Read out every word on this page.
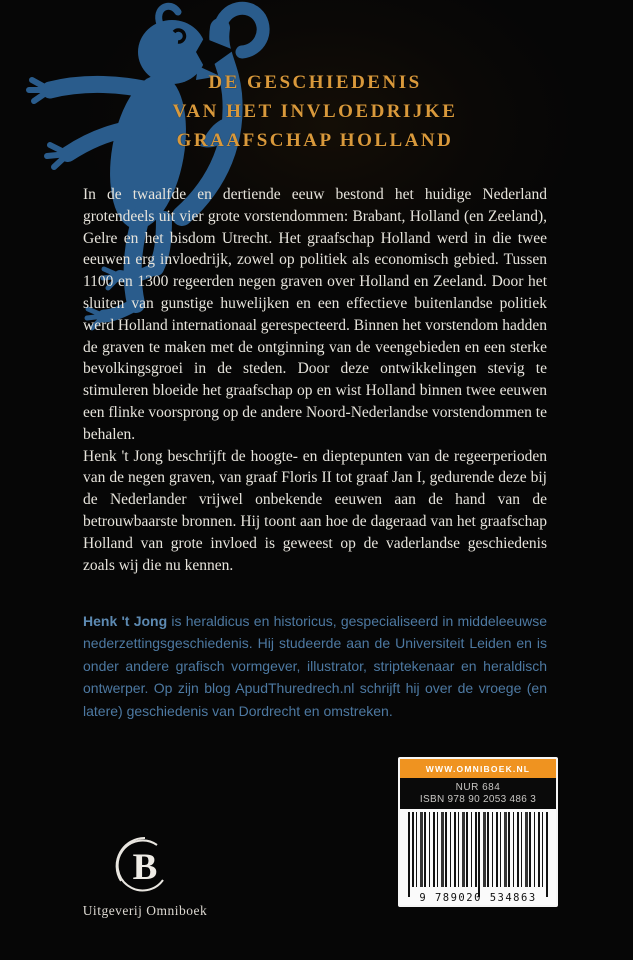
DE GESCHIEDENIS
VAN HET INVLOEDRIJKE
GRAAFSCHAP HOLLAND

In de twaalfde en dertiende eeuw bestond het huidige Nederland grotendeels uit vier grote vorstendommen: Brabant, Holland (en Zeeland), Gelre en het bisdom Utrecht. Het graafschap Holland werd in die twee eeuwen erg invloedrijk, zowel op politiek als economisch gebied. Tussen 1100 en 1300 regeerden negen graven over Holland en Zeeland. Door het sluiten van gunstige huwelijken en een effectieve buitenlandse politiek werd Holland internationaal gerespecteerd. Binnen het vorstendom hadden de graven te maken met de ontginning van de veengebieden en een sterke bevolkingsgroei in de steden. Door deze ontwikkelingen stevig te stimuleren bloeide het graafschap op en wist Holland binnen twee eeuwen een flinke voorsprong op de andere Noord-Nederlandse vorstendommen te behalen.

Henk 't Jong beschrijft de hoogte- en dieptepunten van de regeerperioden van de negen graven, van graaf Floris II tot graaf Jan I, gedurende deze bij de Nederlander vrijwel onbekende eeuwen aan de hand van de betrouwbaarste bronnen. Hij toont aan hoe de dageraad van het graafschap Holland van grote invloed is geweest op de vaderlandse geschiedenis zoals wij die nu kennen.

Henk 't Jong is heraldicus en historicus, gespecialiseerd in middeleeuwse nederzettingsgeschiedenis. Hij studeerde aan de Universiteit Leiden en is onder andere grafisch vormgever, illustrator, striptekenaar en heraldisch ontwerper. Op zijn blog ApudThuredrech.nl schrijft hij over de vroege (en latere) geschiedenis van Dordrecht en omstreken.
B
Uitgeverij Omniboek
WWW.OMNIBOEK.NL
NUR 684
ISBN 978 90 2053 486 3
9 789020 534863
